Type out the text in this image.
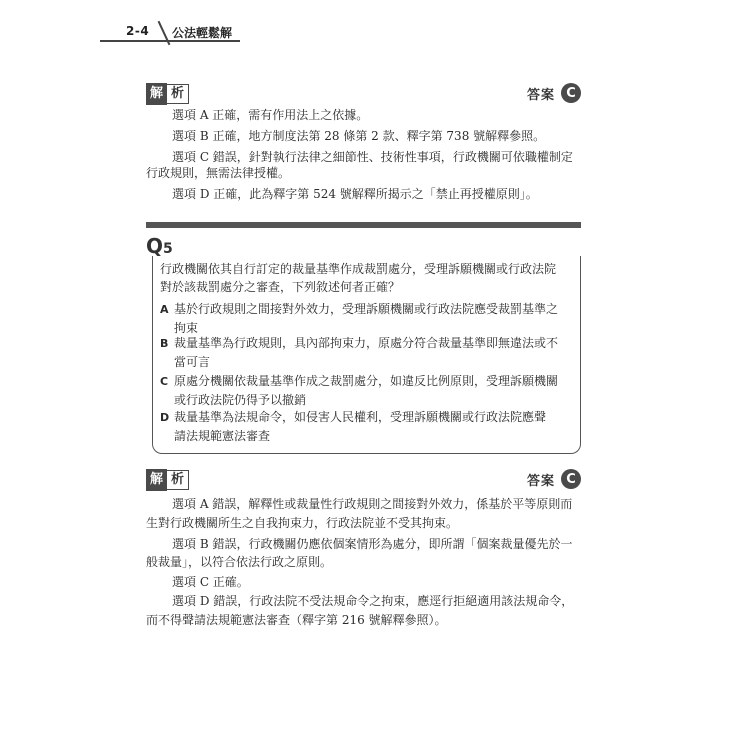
2-4 公法輕鬆解
解 析	答案 C
選項 A 正確，需有作用法上之依據。
選項 B 正確，地方制度法第 28 條第 2 款、釋字第 738 號解釋參照。
選項 C 錯誤，針對執行法律之細節性、技術性事項，行政機關可依職權制定
行政規則，無需法律授權。
選項 D 正確，此為釋字第 524 號解釋所揭示之「禁止再授權原則」。
Q5
行政機關依其自行訂定的裁量基準作成裁罰處分，受理訴願機關或行政法院
對於該裁罰處分之審查，下列敘述何者正確？
A 基於行政規則之間接對外效力，受理訴願機關或行政法院應受裁罰基準之
拘束
B 裁量基準為行政規則，具內部拘束力，原處分符合裁量基準即無違法或不
當可言
C 原處分機關依裁量基準作成之裁罰處分，如違反比例原則，受理訴願機關
或行政法院仍得予以撤銷
D 裁量基準為法規命令，如侵害人民權利，受理訴願機關或行政法院應聲
請法規範憲法審查
解 析	答案 C
選項 A 錯誤，解釋性或裁量性行政規則之間接對外效力，係基於平等原則而
生對行政機關所生之自我拘束力，行政法院並不受其拘束。
選項 B 錯誤，行政機關仍應依個案情形為處分，即所謂「個案裁量優先於一
般裁量」，以符合依法行政之原則。
選項 C 正確。
選項 D 錯誤，行政法院不受法規命令之拘束，應逕行拒絕適用該法規命令，
而不得聲請法規範憲法審查（釋字第 216 號解釋參照）。
